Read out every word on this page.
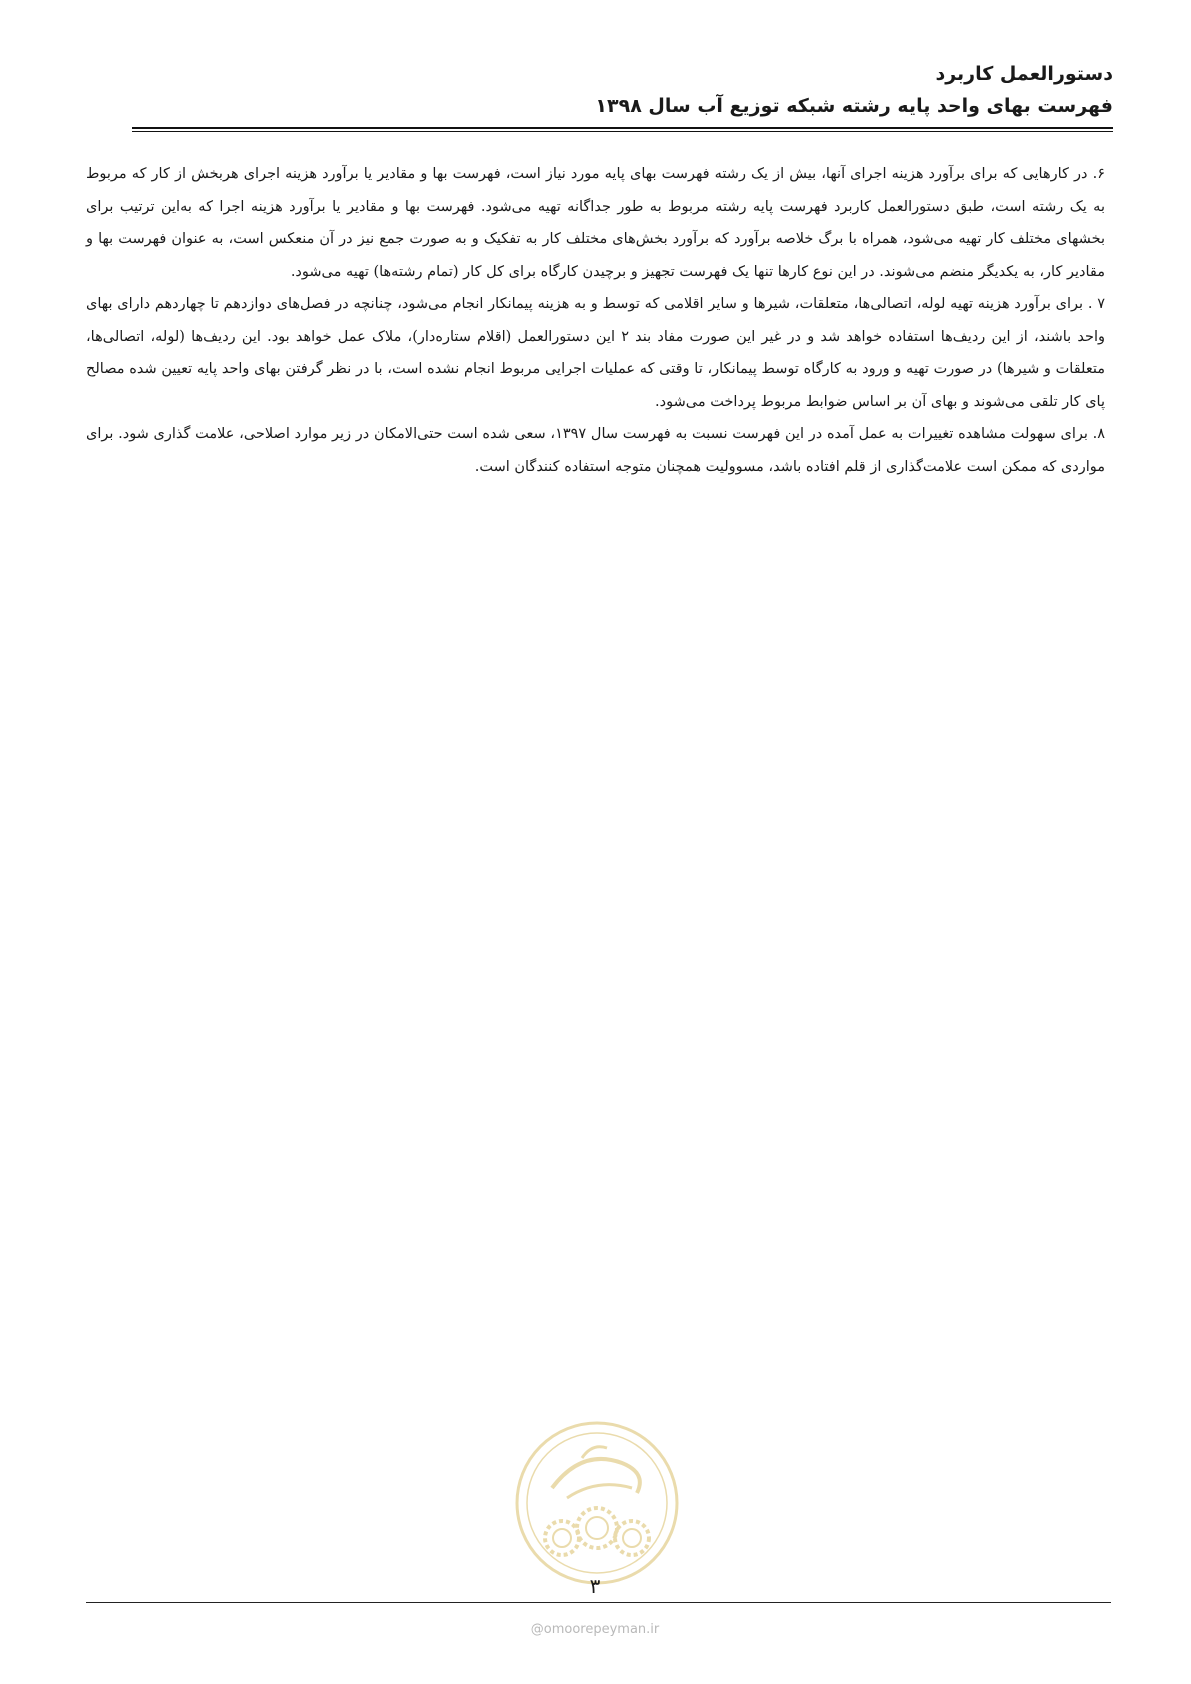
دستورالعمل کاربرد
فهرست بهای واحد پایه رشته شبکه توزیع آب سال ۱۳۹۸

۶. در کارهایی که برای برآورد هزینه اجرای آنها، بیش از یک رشته فهرست بهای پایه مورد نیاز است، فهرست بها و مقادیر یا برآورد هزینه اجرای هربخش از کار که مربوط به یک رشته است، طبق دستورالعمل کاربرد فهرست پایه رشته مربوط به طور جداگانه تهیه می‌شود. فهرست بها و مقادیر یا برآورد هزینه اجرا که به‌این ترتیب برای بخشهای مختلف کار تهیه می‌شود، همراه با برگ خلاصه برآورد که برآورد بخش‌های مختلف کار به تفکیک و به صورت جمع نیز در آن منعکس است، به عنوان فهرست بها و مقادیر کار، به یکدیگر منضم می‌شوند. در این نوع کارها تنها یک فهرست تجهیز و برچیدن کارگاه برای کل کار (تمام رشته‌ها) تهیه می‌شود.

۷ . برای برآورد هزینه تهیه لوله، اتصالی‌ها، متعلقات، شیرها و سایر اقلامی که توسط و به هزینه پیمانکار انجام می‌شود، چنانچه در فصل‌های دوازدهم تا چهاردهم دارای بهای واحد باشند، از این ردیف‌ها استفاده خواهد شد و در غیر این صورت مفاد بند ۲ این دستورالعمل (اقلام ستاره‌دار)، ملاک عمل خواهد بود. این ردیف‌ها (لوله، اتصالی‌ها، متعلقات و شیرها) در صورت تهیه و ورود به کارگاه توسط پیمانکار، تا وقتی که عملیات اجرایی مربوط انجام نشده است، با در نظر گرفتن بهای واحد پایه تعیین شده مصالح پای کار تلقی می‌شوند و بهای آن بر اساس ضوابط مربوط پرداخت می‌شود.

۸. برای سهولت مشاهده تغییرات به عمل آمده در این فهرست نسبت به فهرست سال ۱۳۹۷، سعی شده است حتی‌الامکان در زیر موارد اصلاحی، علامت گذاری شود. برای مواردی که ممکن است علامت‌گذاری از قلم افتاده باشد، مسوولیت همچنان متوجه استفاده کنندگان است.

۳
@omoorepeyman.ir
